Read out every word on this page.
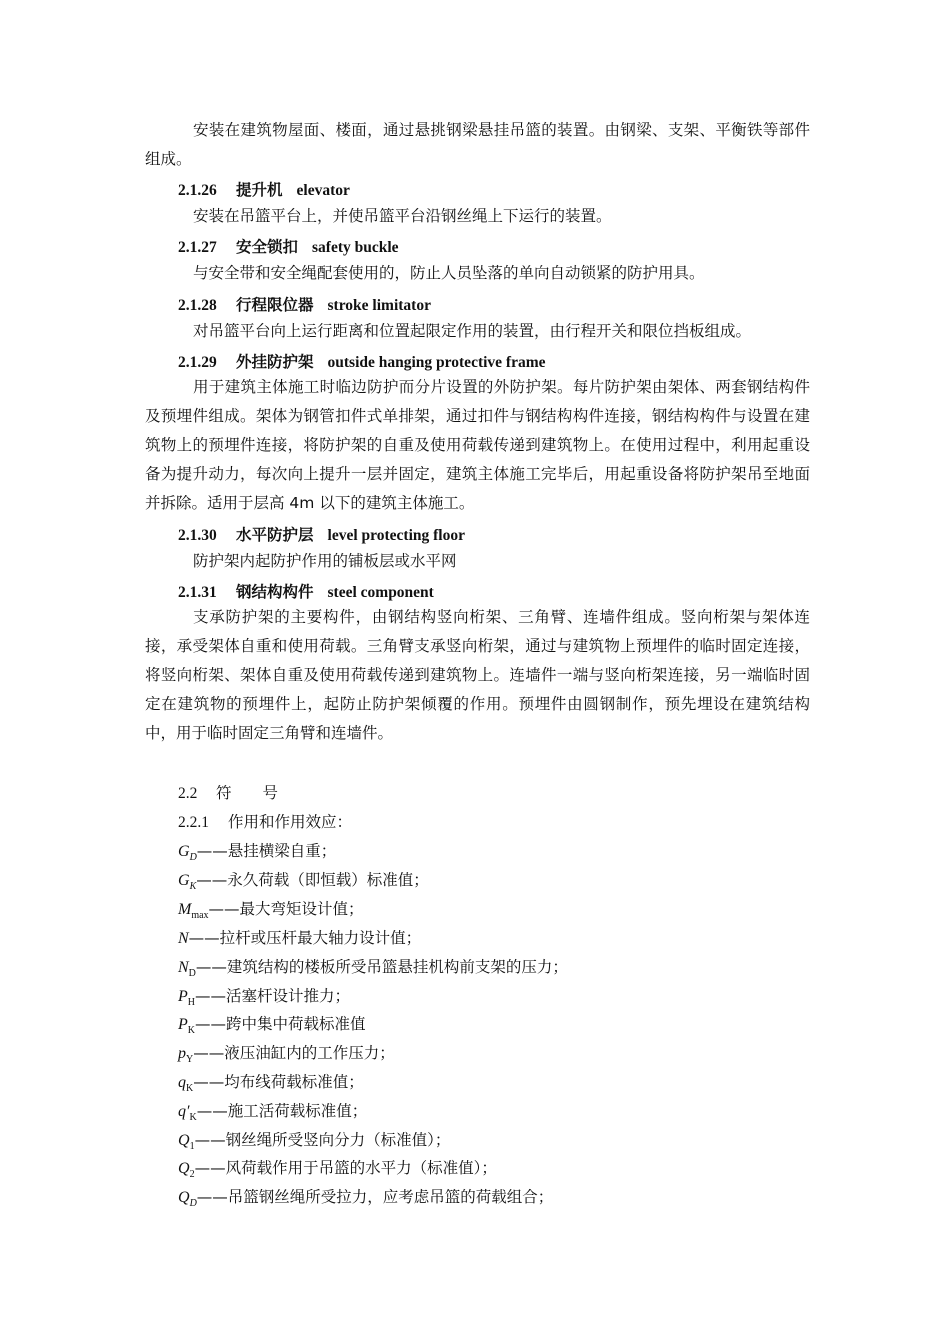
安装在建筑物屋面、楼面，通过悬挑钢梁悬挂吊篮的装置。由钢梁、支架、平衡铁等部件组成。

2.1.26 提升机 elevator
安装在吊篮平台上，并使吊篮平台沿钢丝绳上下运行的装置。
2.1.27 安全锁扣 safety buckle
与安全带和安全绳配套使用的，防止人员坠落的单向自动锁紧的防护用具。
2.1.28 行程限位器 stroke limitator
对吊篮平台向上运行距离和位置起限定作用的装置，由行程开关和限位挡板组成。
2.1.29 外挂防护架 outside hanging protective frame

用于建筑主体施工时临边防护而分片设置的外防护架。每片防护架由架体、两套钢结构件及预埋件组成。架体为钢管扣件式单排架，通过扣件与钢结构构件连接，钢结构构件与设置在建筑物上的预埋件连接，将防护架的自重及使用荷载传递到建筑物上。在使用过程中，利用起重设备为提升动力，每次向上提升一层并固定，建筑主体施工完毕后，用起重设备将防护架吊至地面并拆除。适用于层高 4m 以下的建筑主体施工。

2.1.30 水平防护层 level protecting floor
防护架内起防护作用的铺板层或水平网
2.1.31 钢结构构件 steel component

支承防护架的主要构件，由钢结构竖向桁架、三角臂、连墙件组成。竖向桁架与架体连接，承受架体自重和使用荷载。三角臂支承竖向桁架，通过与建筑物上预埋件的临时固定连接，将竖向桁架、架体自重及使用荷载传递到建筑物上。连墙件一端与竖向桁架连接，另一端临时固定在建筑物的预埋件上，起防止防护架倾覆的作用。预埋件由圆钢制作，预先埋设在建筑结构中，用于临时固定三角臂和连墙件。

2.2 符　　号
2.2.1 作用和作用效应：
$G_D——$悬挂横梁自重；
$G_K——$永久荷载（即恒载）标准值；
$M_{max}——$最大弯矩设计值；
N——拉杆或压杆最大轴力设计值；
$N_D——$建筑结构的楼板所受吊篮悬挂机构前支架的压力；
$P_H——$活塞杆设计推力；
$P_K——$跨中集中荷载标准值
$p_Y——$液压油缸内的工作压力；
$q_K——$均布线荷载标准值；
$q'_K——$施工活荷载标准值；
$Q_1——$钢丝绳所受竖向分力（标准值）；
$Q_2——$风荷载作用于吊篮的水平力（标准值）；
$Q_D——$吊篮钢丝绳所受拉力，应考虑吊篮的荷载组合；
